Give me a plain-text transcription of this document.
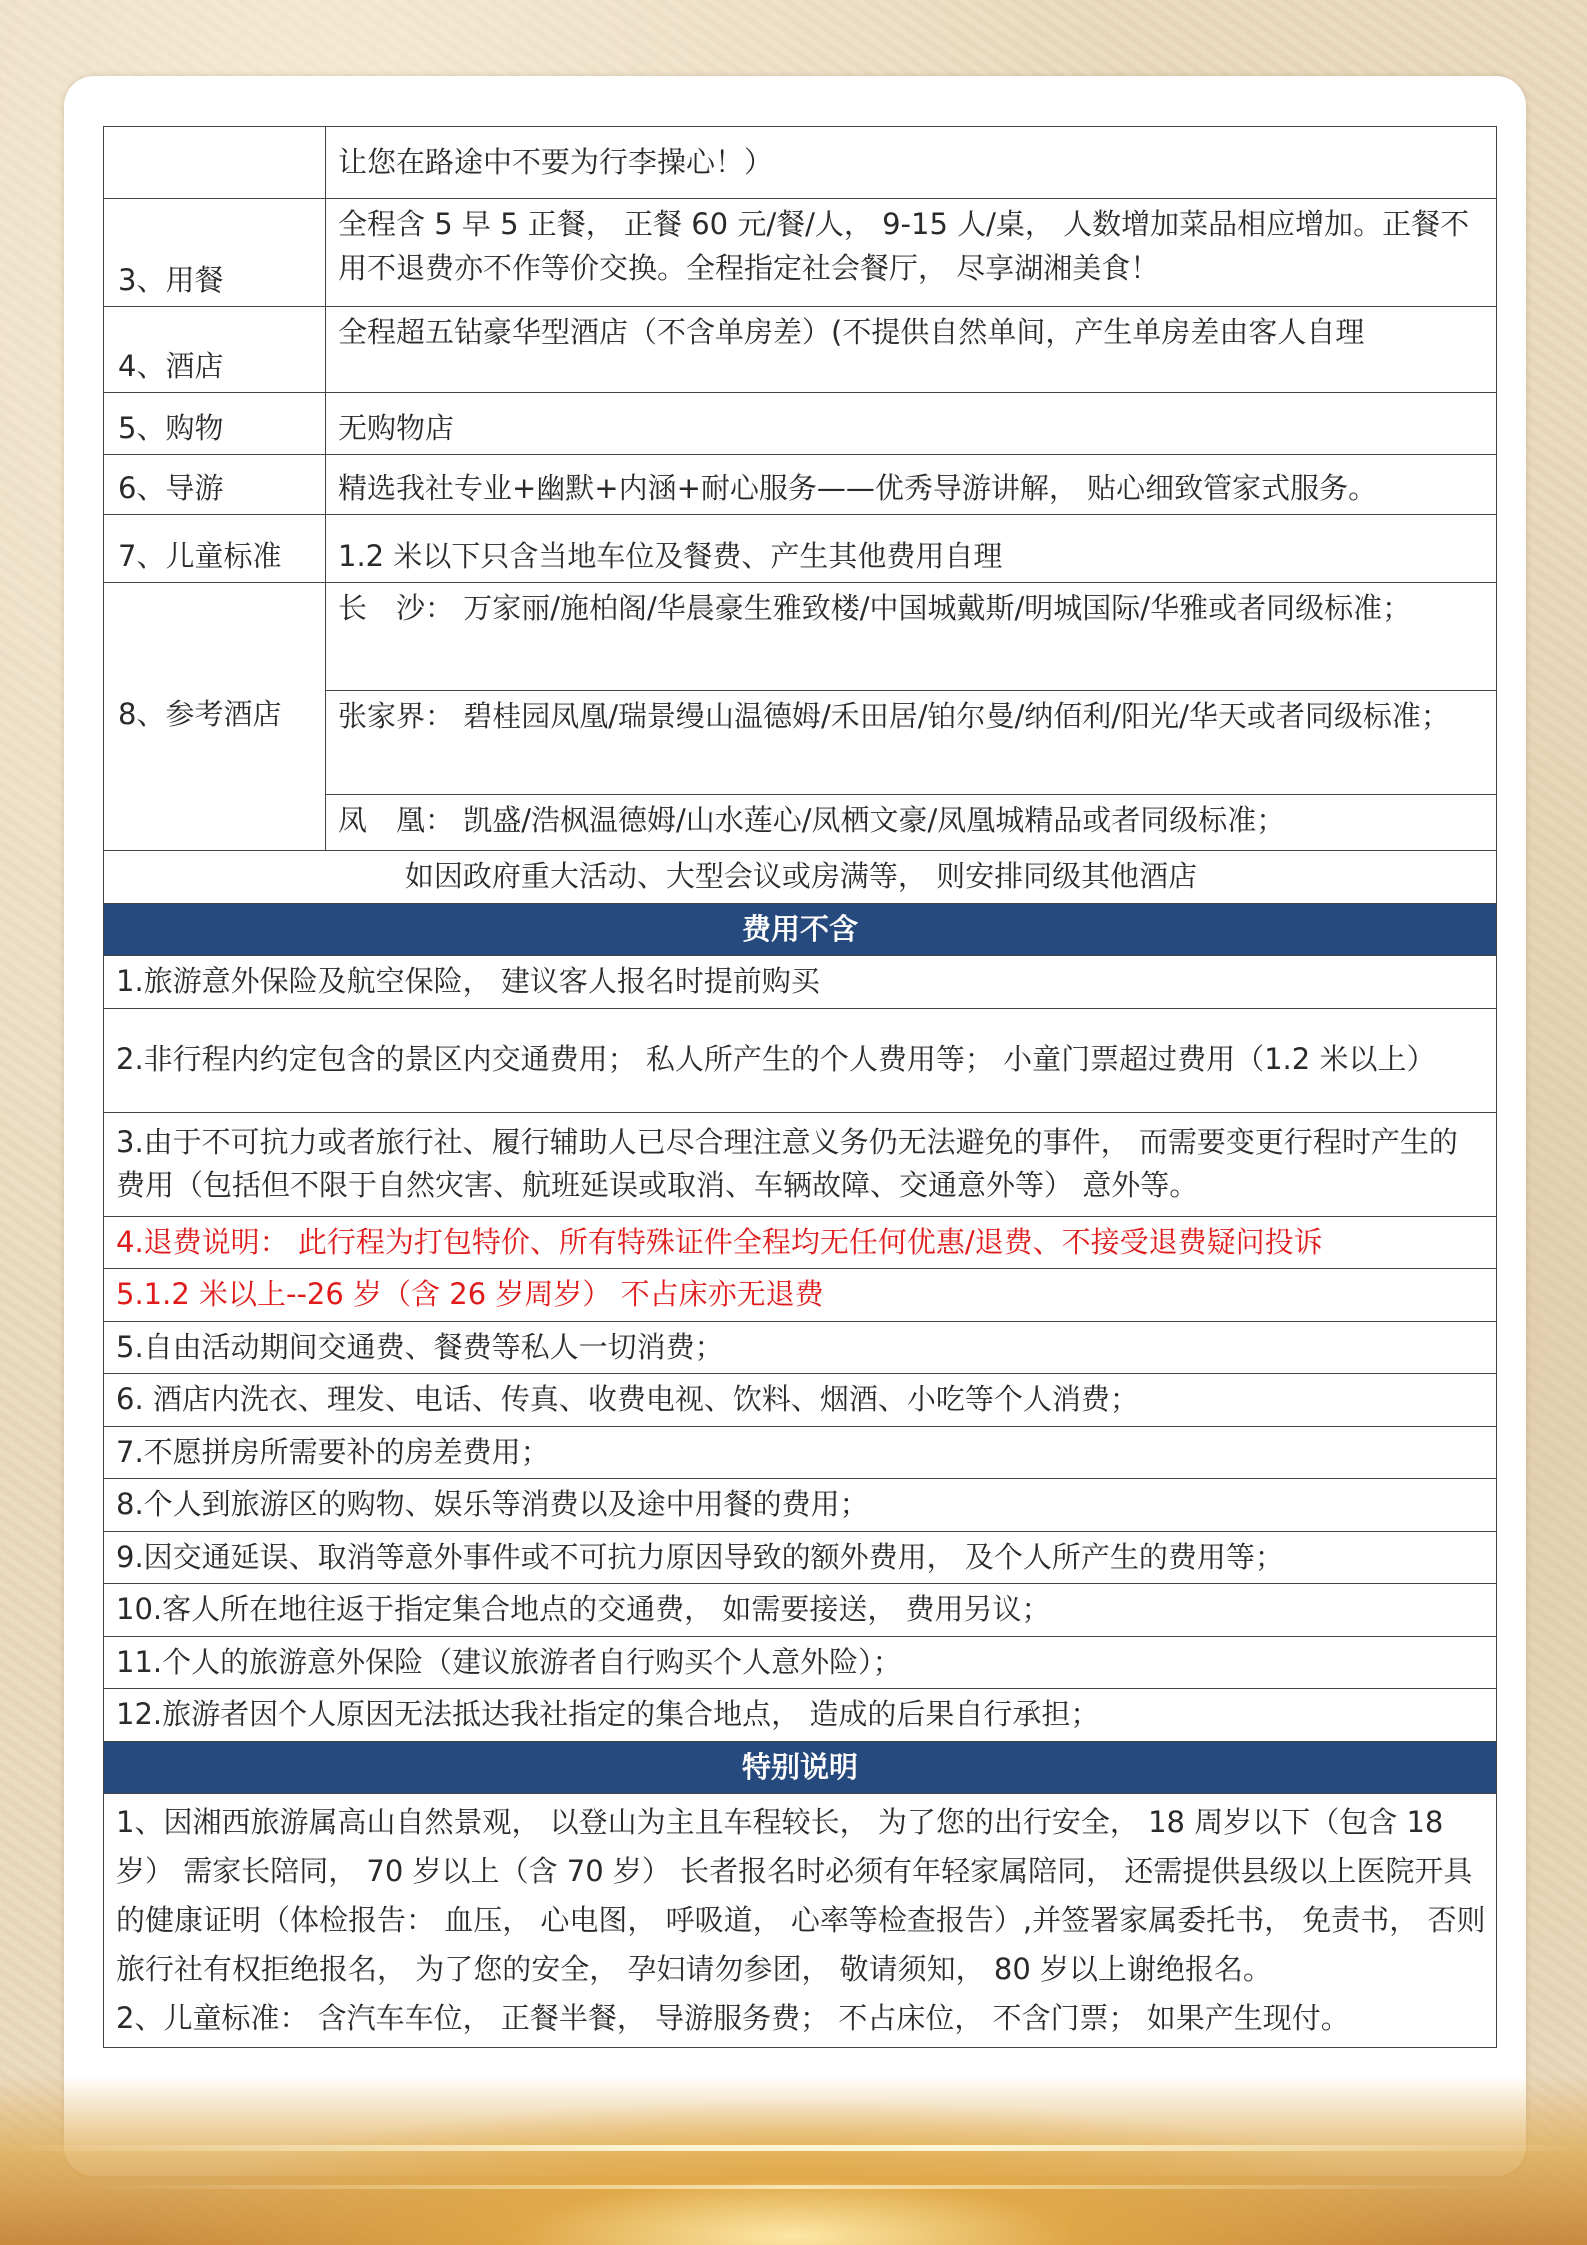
	让您在路途中不要为行李操心！）
3、用餐	全程含 5 早 5 正餐， 正餐 60 元/餐/人， 9-15 人/桌， 人数增加菜品相应增加。正餐不用不退费亦不作等价交换。全程指定社会餐厅， 尽享湖湘美食！
4、酒店	全程超五钻豪华型酒店（不含单房差）(不提供自然单间，产生单房差由客人自理
5、购物	无购物店
6、导游	精选我社专业+幽默+内涵+耐心服务——优秀导游讲解， 贴心细致管家式服务。
7、儿童标准	1.2 米以下只含当地车位及餐费、产生其他费用自理
8、参考酒店	长　沙： 万家丽/施柏阁/华晨豪生雅致楼/中国城戴斯/明城国际/华雅或者同级标准；
	张家界： 碧桂园凤凰/瑞景缦山温德姆/禾田居/铂尔曼/纳佰利/阳光/华天或者同级标准；
	凤　凰： 凯盛/浩枫温德姆/山水莲心/凤栖文豪/凤凰城精品或者同级标准；
如因政府重大活动、大型会议或房满等， 则安排同级其他酒店	
费用不含	
1.旅游意外保险及航空保险， 建议客人报名时提前购买	
2.非行程内约定包含的景区内交通费用； 私人所产生的个人费用等； 小童门票超过费用（1.2 米以上）	
3.由于不可抗力或者旅行社、履行辅助人已尽合理注意义务仍无法避免的事件， 而需要变更行程时产生的费用（包括但不限于自然灾害、航班延误或取消、车辆故障、交通意外等） 意外等。	
4.退费说明： 此行程为打包特价、所有特殊证件全程均无任何优惠/退费、不接受退费疑问投诉	
5.1.2 米以上--26 岁（含 26 岁周岁） 不占床亦无退费	
5.自由活动期间交通费、餐费等私人一切消费；	
6. 酒店内洗衣、理发、电话、传真、收费电视、饮料、烟酒、小吃等个人消费；	
7.不愿拼房所需要补的房差费用；	
8.个人到旅游区的购物、娱乐等消费以及途中用餐的费用；	
9.因交通延误、取消等意外事件或不可抗力原因导致的额外费用， 及个人所产生的费用等；	
10.客人所在地往返于指定集合地点的交通费， 如需要接送， 费用另议；	
11.个人的旅游意外保险（建议旅游者自行购买个人意外险）；	
12.旅游者因个人原因无法抵达我社指定的集合地点， 造成的后果自行承担；	
特别说明	

1、因湘西旅游属高山自然景观， 以登山为主且车程较长， 为了您的出行安全， 18 周岁以下（包含 18 岁） 需家长陪同， 70 岁以上（含 70 岁） 长者报名时必须有年轻家属陪同， 还需提供县级以上医院开具的健康证明（体检报告： 血压， 心电图， 呼吸道， 心率等检查报告）,并签署家属委托书， 免责书， 否则旅行社有权拒绝报名， 为了您的安全， 孕妇请勿参团， 敬请须知， 80 岁以上谢绝报名。

2、儿童标准： 含汽车车位， 正餐半餐， 导游服务费； 不占床位， 不含门票； 如果产生现付。	
